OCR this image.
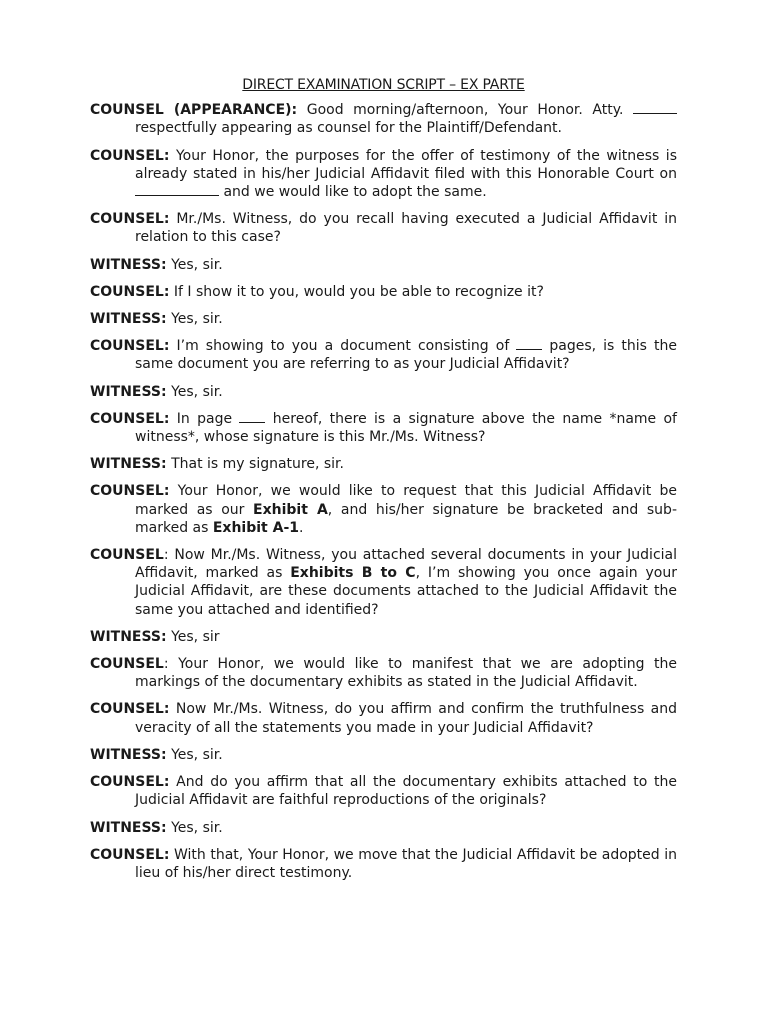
DIRECT EXAMINATION SCRIPT – EX PARTE

COUNSEL (APPEARANCE): Good morning/afternoon, Your Honor. Atty.  respectfully appearing as counsel for the Plaintiff/Defendant.

COUNSEL: Your Honor, the purposes for the offer of testimony of the witness is already stated in his/her Judicial Affidavit filed with this Honorable Court on  and we would like to adopt the same.

COUNSEL: Mr./Ms. Witness, do you recall having executed a Judicial Affidavit in relation to this case?

WITNESS: Yes, sir.

COUNSEL: If I show it to you, would you be able to recognize it?

WITNESS: Yes, sir.

COUNSEL: I’m showing to you a document consisting of  pages, is this the same document you are referring to as your Judicial Affidavit?

WITNESS: Yes, sir.

COUNSEL: In page  hereof, there is a signature above the name *name of witness*, whose signature is this Mr./Ms. Witness?

WITNESS: That is my signature, sir.

COUNSEL: Your Honor, we would like to request that this Judicial Affidavit be marked as our Exhibit A, and his/her signature be bracketed and sub-marked as Exhibit A-1.

COUNSEL: Now Mr./Ms. Witness, you attached several documents in your Judicial Affidavit, marked as Exhibits B to C, I’m showing you once again your Judicial Affidavit, are these documents attached to the Judicial Affidavit the same you attached and identified?

WITNESS: Yes, sir

COUNSEL: Your Honor, we would like to manifest that we are adopting the markings of the documentary exhibits as stated in the Judicial Affidavit.

COUNSEL: Now Mr./Ms. Witness, do you affirm and confirm the truthfulness and veracity of all the statements you made in your Judicial Affidavit?

WITNESS: Yes, sir.

COUNSEL: And do you affirm that all the documentary exhibits attached to the Judicial Affidavit are faithful reproductions of the originals?

WITNESS: Yes, sir.

COUNSEL: With that, Your Honor, we move that the Judicial Affidavit be adopted in lieu of his/her direct testimony.
